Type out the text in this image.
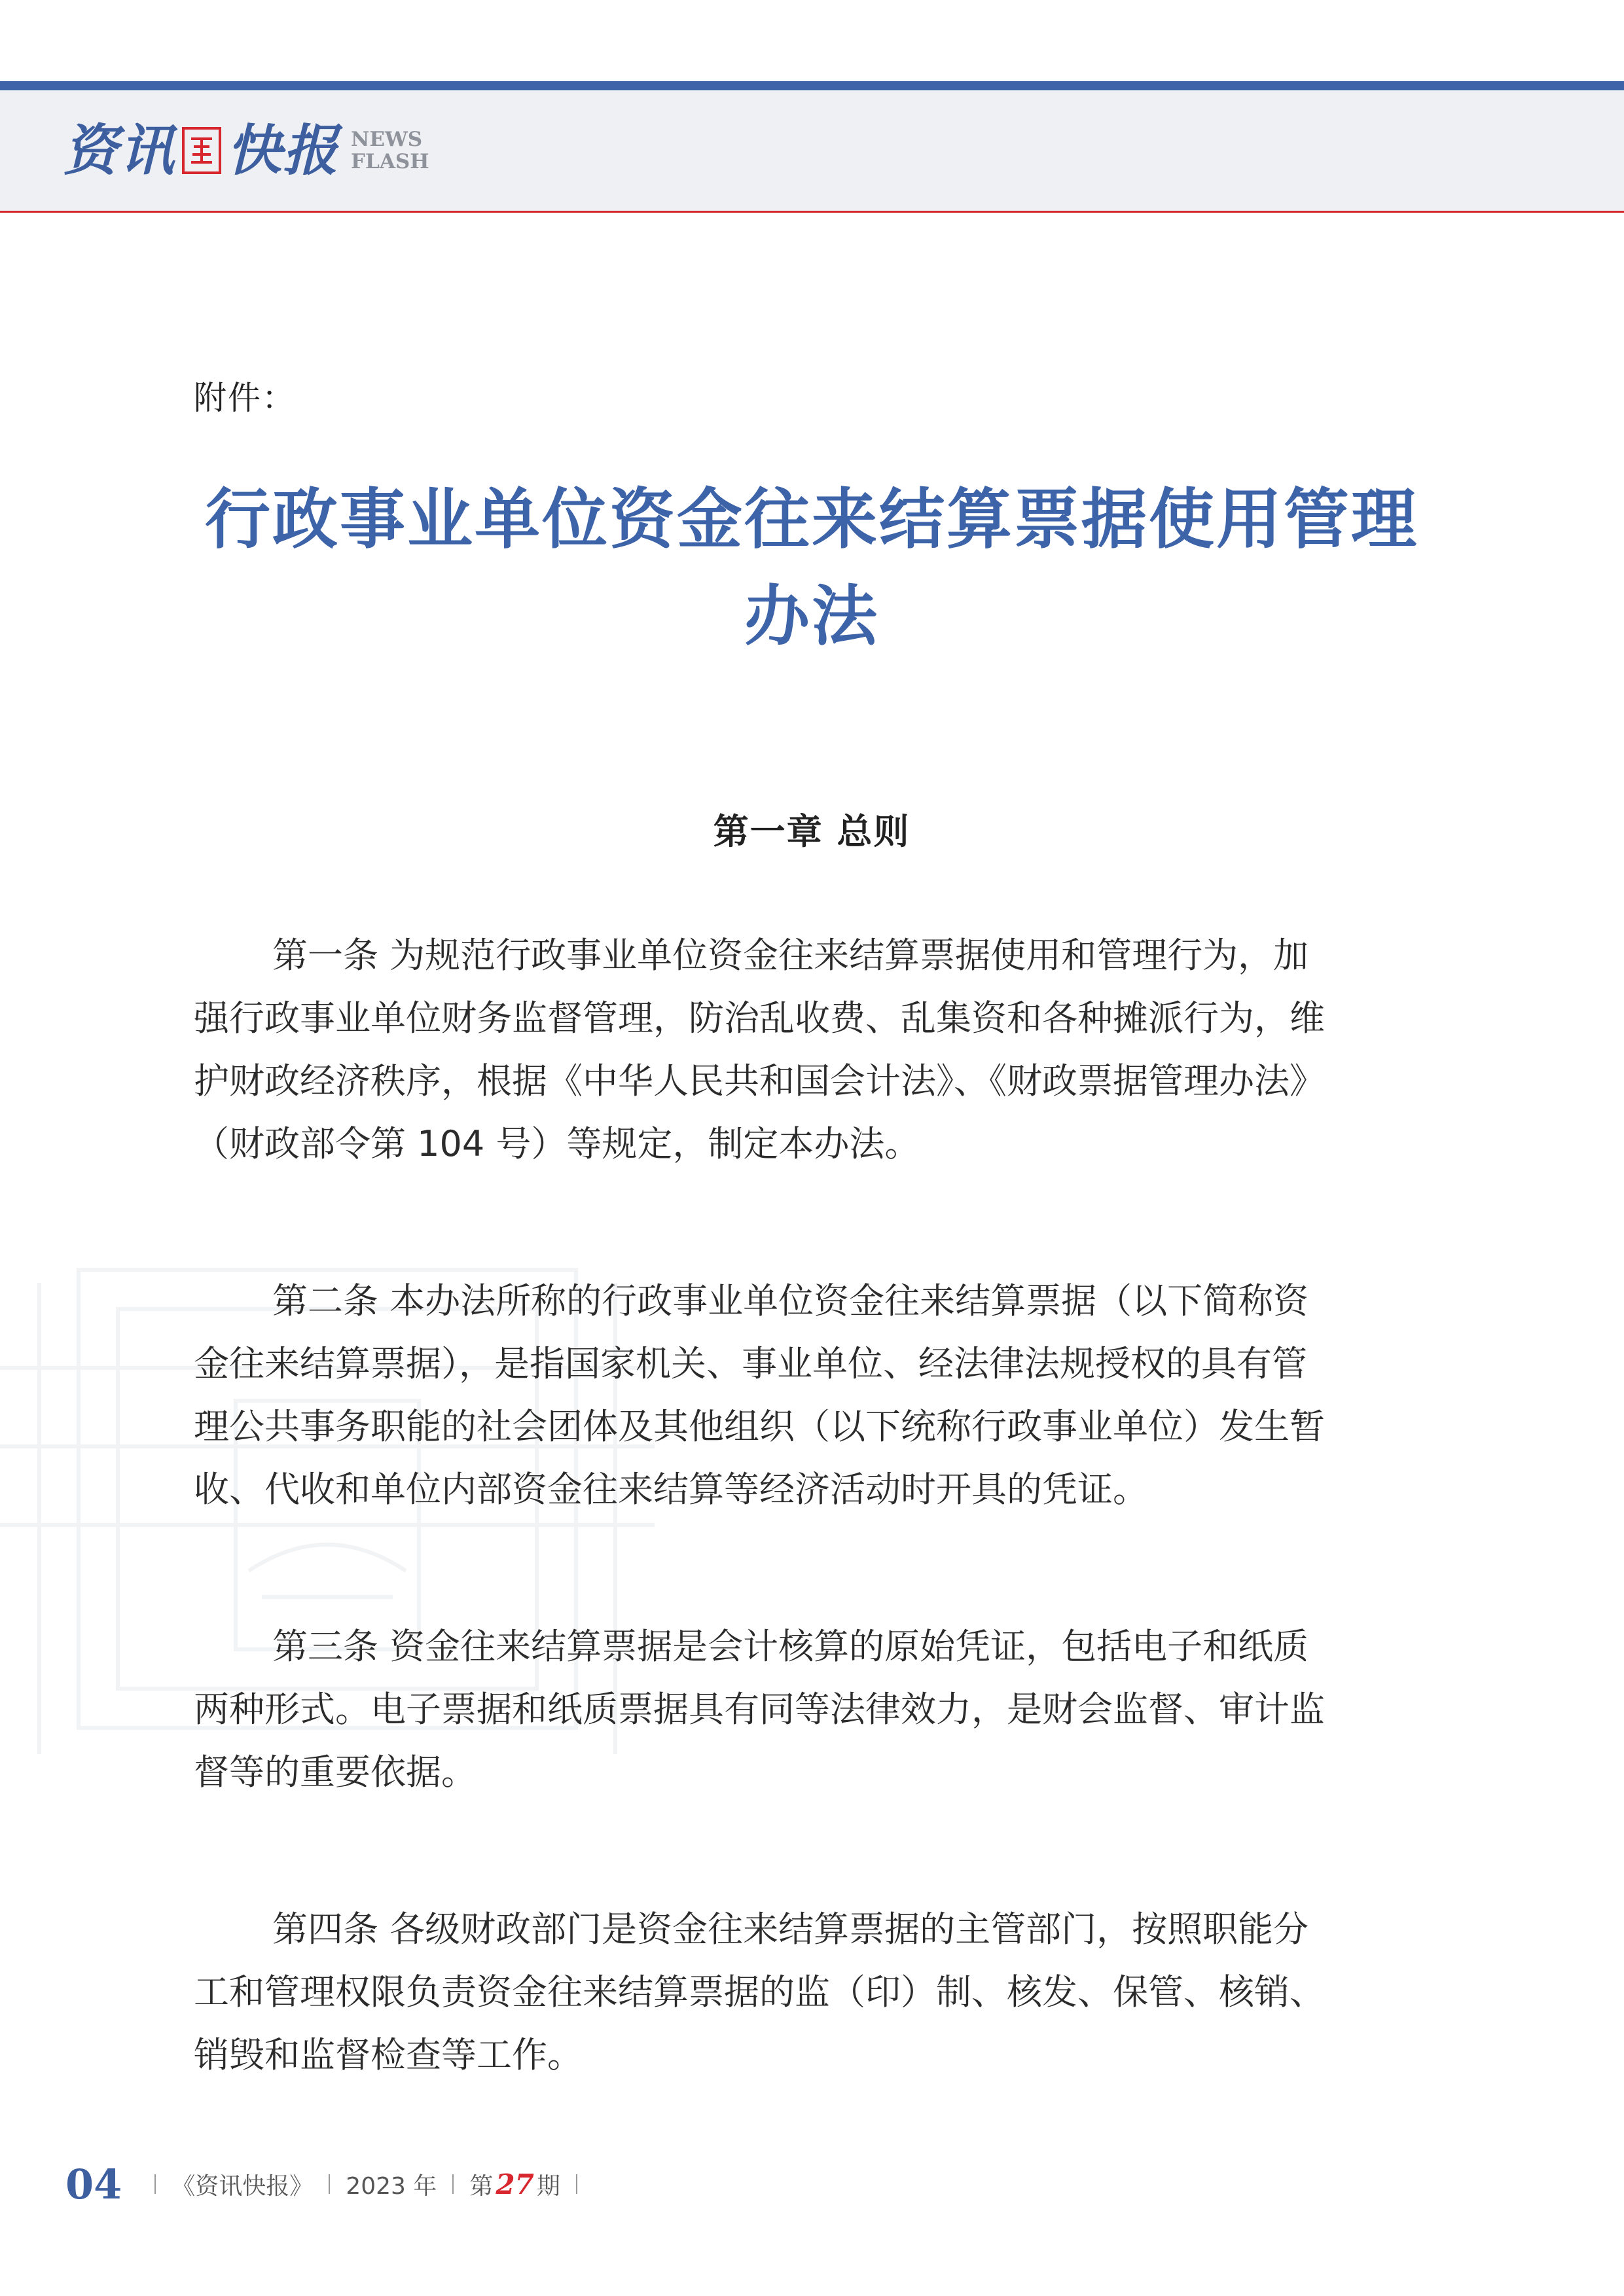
资讯 快报 NEWS
FLASH
附件：
行政事业单位资金往来结算票据使用管理
办法
第一章 总则
第一条 为规范行政事业单位资金往来结算票据使用和管理行为，加
强行政事业单位财务监督管理，防治乱收费、乱集资和各种摊派行为，维
护财政经济秩序，根据《中华人民共和国会计法》、《财政票据管理办法》
（财政部令第 104 号）等规定，制定本办法。
第二条 本办法所称的行政事业单位资金往来结算票据（以下简称资
金往来结算票据），是指国家机关、事业单位、经法律法规授权的具有管
理公共事务职能的社会团体及其他组织（以下统称行政事业单位）发生暂
收、代收和单位内部资金往来结算等经济活动时开具的凭证。
第三条 资金往来结算票据是会计核算的原始凭证，包括电子和纸质
两种形式。电子票据和纸质票据具有同等法律效力，是财会监督、审计监
督等的重要依据。
第四条 各级财政部门是资金往来结算票据的主管部门，按照职能分
工和管理权限负责资金往来结算票据的监（印）制、核发、保管、核销、
销毁和监督检查等工作。
04 《资讯快报》 2023 年 第 27 期
